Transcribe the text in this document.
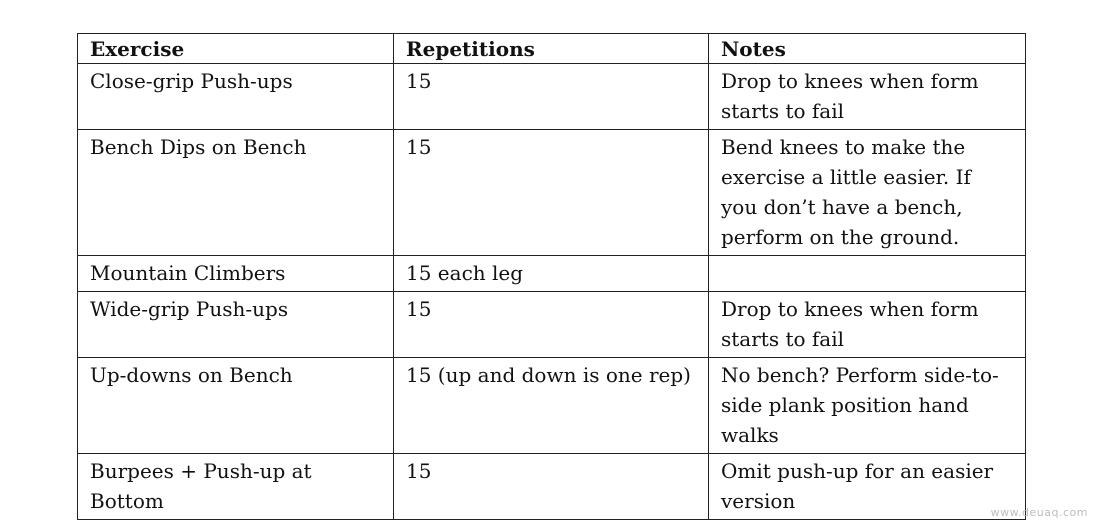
Exercise	Repetitions	Notes
Close-grip Push-ups	15	Drop to knees when form starts to fail
Bench Dips on Bench	15	Bend knees to make the exercise a little easier. If you don’t have a bench, perform on the ground.
Mountain Climbers	15 each leg	
Wide-grip Push-ups	15	Drop to knees when form starts to fail
Up-downs on Bench	15 (up and down is one rep)	No bench? Perform side-to-side plank position hand walks
Burpees + Push-up at Bottom	15	Omit push-up for an easier version	www.deuaq.com
